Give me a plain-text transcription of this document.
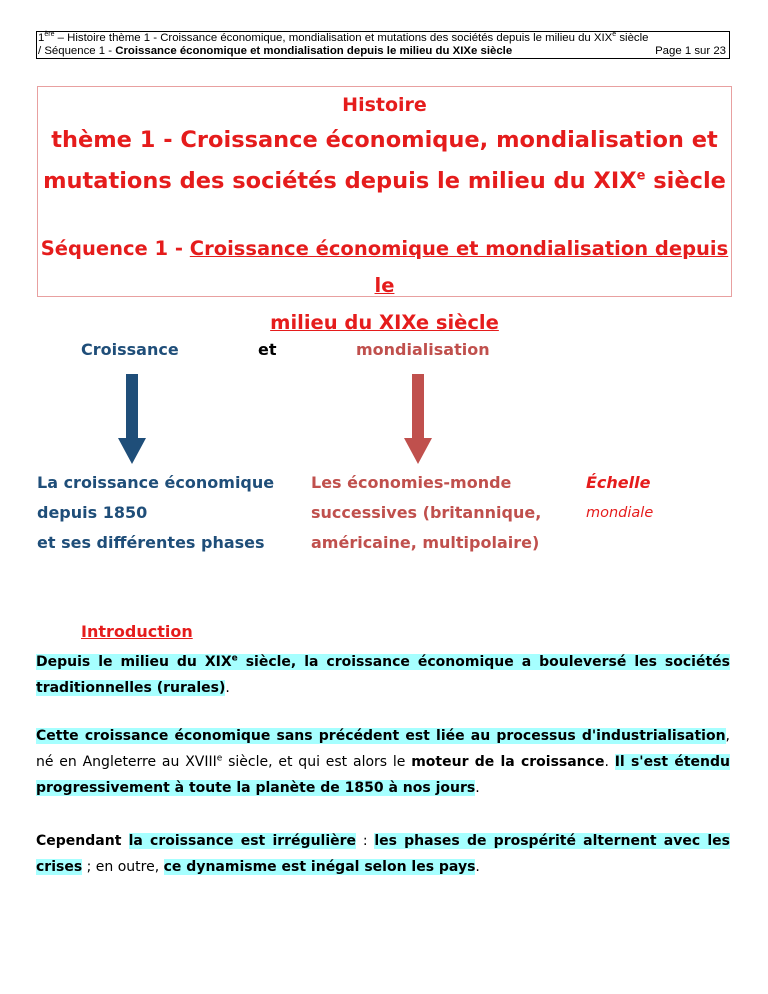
1ère – Histoire thème 1 - Croissance économique, mondialisation et mutations des sociétés depuis le milieu du XIXe siècle
/ Séquence 1 - Croissance économique et mondialisation depuis le milieu du XIXe siècle	Page 1 sur 23
Histoire
thème 1 - Croissance économique, mondialisation et
mutations des sociétés depuis le milieu du XIXe siècle
Séquence 1 - Croissance économique et mondialisation depuis le
milieu du XIXe siècle
Croissance	et	mondialisation
La croissance économique
depuis 1850
et ses différentes phases
Les économies-monde
successives (britannique,
américaine, multipolaire)
Échelle
mondiale
Introduction
Depuis le milieu du XIXe siècle, la croissance économique a bouleversé les sociétés traditionnelles (rurales).
Cette croissance économique sans précédent est liée au processus d'industrialisation, né en Angleterre au XVIIIe siècle, et qui est alors le moteur de la croissance. Il s'est étendu progressivement à toute la planète de 1850 à nos jours.
Cependant la croissance est irrégulière : les phases de prospérité alternent avec les crises ; en outre, ce dynamisme est inégal selon les pays.
